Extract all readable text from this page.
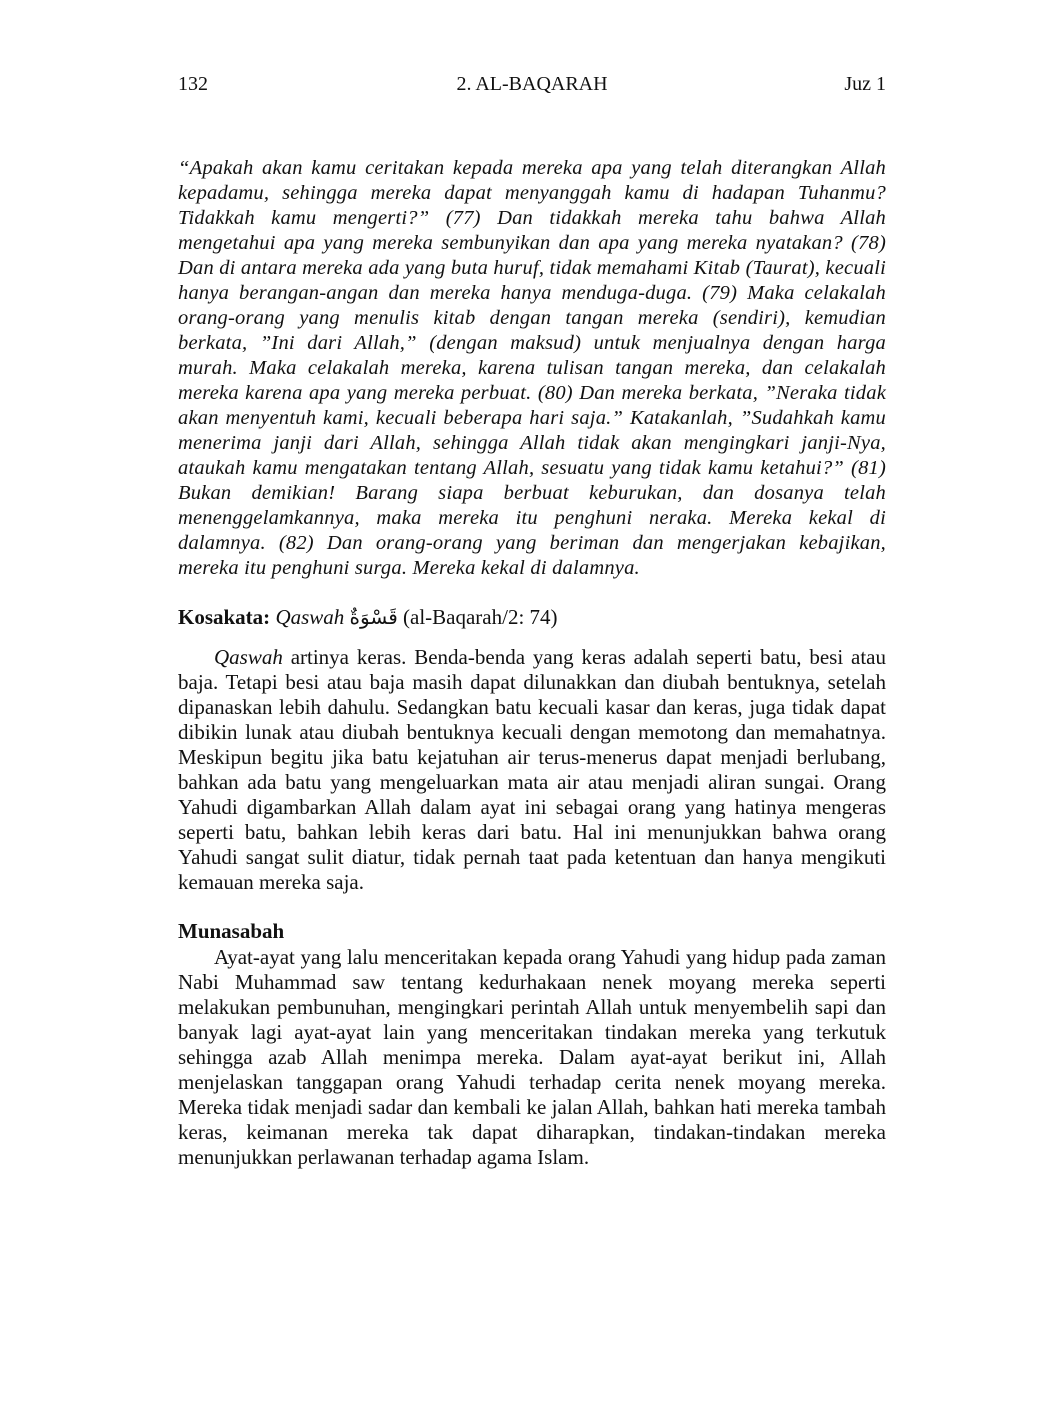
132	2. AL-BAQARAH	Juz 1
“Apakah akan kamu ceritakan kepada mereka apa yang telah diterangkan Allah kepadamu, sehingga mereka dapat menyanggah kamu di hadapan Tuhanmu? Tidakkah kamu mengerti?” (77) Dan tidakkah mereka tahu bahwa Allah mengetahui apa yang mereka sembunyikan dan apa yang mereka nyatakan? (78) Dan di antara mereka ada yang buta huruf, tidak memahami Kitab (Taurat), kecuali hanya berangan-angan dan mereka hanya menduga-duga. (79) Maka celakalah orang-orang yang menulis kitab dengan tangan mereka (sendiri), kemudian berkata, ”Ini dari Allah,” (dengan maksud) untuk menjualnya dengan harga murah. Maka celakalah mereka, karena tulisan tangan mereka, dan celakalah mereka karena apa yang mereka perbuat. (80) Dan mereka berkata, ”Neraka tidak akan menyentuh kami, kecuali beberapa hari saja.” Katakanlah, ”Sudahkah kamu menerima janji dari Allah, sehingga Allah tidak akan mengingkari janji-Nya, ataukah kamu mengatakan tentang Allah, sesuatu yang tidak kamu ketahui?” (81) Bukan demikian! Barang siapa berbuat keburukan, dan dosanya telah menenggelamkannya, maka mereka itu penghuni neraka. Mereka kekal di dalamnya. (82) Dan orang-orang yang beriman dan mengerjakan kebajikan, mereka itu penghuni surga. Mereka kekal di dalamnya.
Kosakata: Qaswah قَسْوَةٌ (al-Baqarah/2: 74)

Qaswah artinya keras. Benda-benda yang keras adalah seperti batu, besi atau baja. Tetapi besi atau baja masih dapat dilunakkan dan diubah bentuknya, setelah dipanaskan lebih dahulu. Sedangkan batu kecuali kasar dan keras, juga tidak dapat dibikin lunak atau diubah bentuknya kecuali dengan memotong dan memahatnya. Meskipun begitu jika batu kejatuhan air terus-menerus dapat menjadi berlubang, bahkan ada batu yang mengeluarkan mata air atau menjadi aliran sungai. Orang Yahudi digambarkan Allah dalam ayat ini sebagai orang yang hatinya mengeras seperti batu, bahkan lebih keras dari batu. Hal ini menunjukkan bahwa orang Yahudi sangat sulit diatur, tidak pernah taat pada ketentuan dan hanya mengikuti kemauan mereka saja.

Munasabah

Ayat-ayat yang lalu menceritakan kepada orang Yahudi yang hidup pada zaman Nabi Muhammad saw tentang kedurhakaan nenek moyang mereka seperti melakukan pembunuhan, mengingkari perintah Allah untuk menyembelih sapi dan banyak lagi ayat-ayat lain yang menceritakan tindakan mereka yang terkutuk sehingga azab Allah menimpa mereka. Dalam ayat-ayat berikut ini, Allah menjelaskan tanggapan orang Yahudi terhadap cerita nenek moyang mereka. Mereka tidak menjadi sadar dan kembali ke jalan Allah, bahkan hati mereka tambah keras, keimanan mereka tak dapat diharapkan, tindakan-tindakan mereka menunjukkan perlawanan terhadap agama Islam.
